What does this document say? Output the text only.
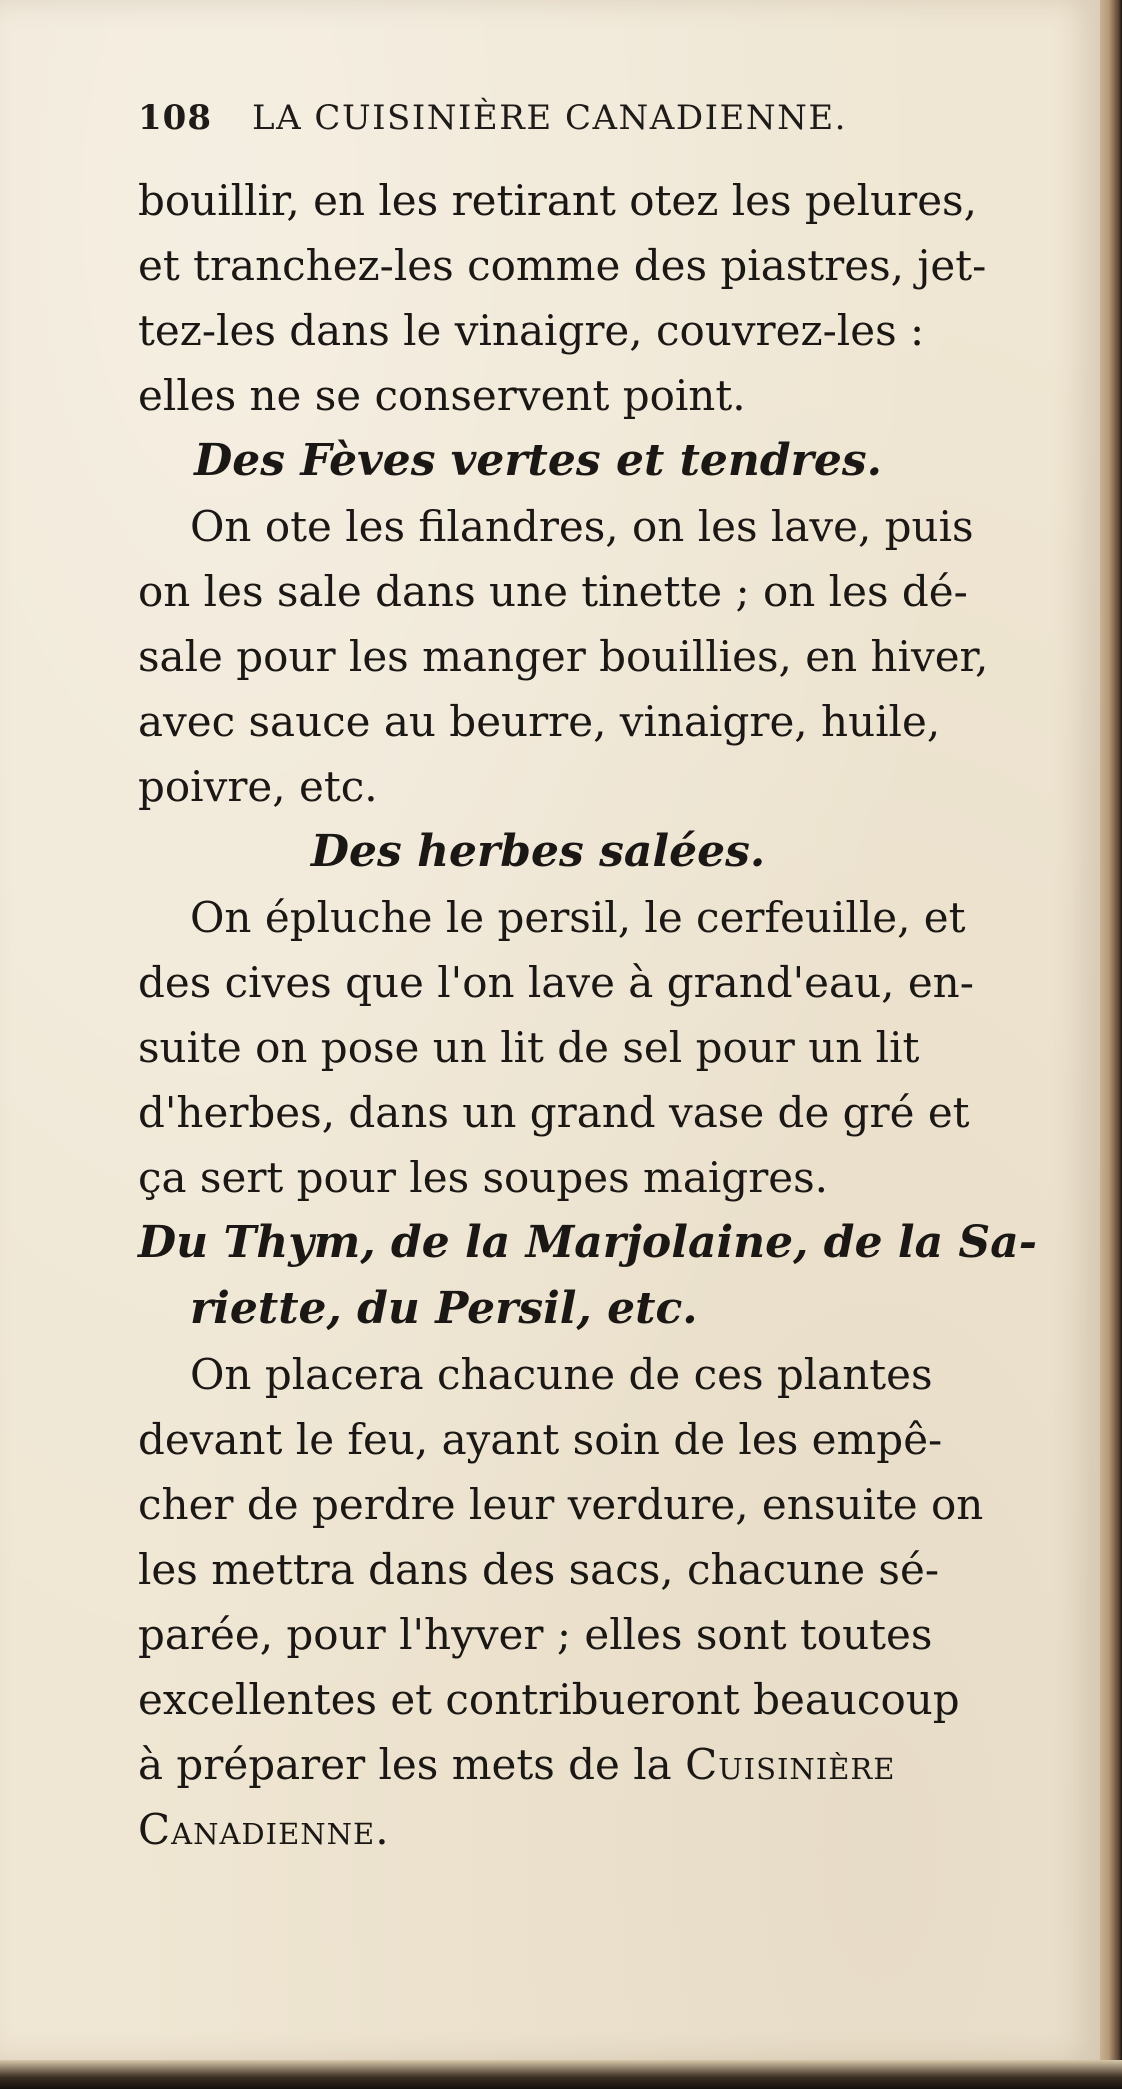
108 LA CUISINIÈRE CANADIENNE.

bouillir, en les retirant otez les pelures,
et tranchez-les comme des piastres, jet-
tez-les dans le vinaigre, couvrez-les :
elles ne se conservent point.

Des Fèves vertes et tendres.

On ote les filandres, on les lave, puis
on les sale dans une tinette ; on les dé-
sale pour les manger bouillies, en hiver,
avec sauce au beurre, vinaigre, huile,
poivre, etc.

Des herbes salées.

On épluche le persil, le cerfeuille, et
des cives que l'on lave à grand'eau, en-
suite on pose un lit de sel pour un lit
d'herbes, dans un grand vase de gré et
ça sert pour les soupes maigres.

Du Thym, de la Marjolaine, de la Sa-
riette, du Persil, etc.

On placera chacune de ces plantes
devant le feu, ayant soin de les empê-
cher de perdre leur verdure, ensuite on
les mettra dans des sacs, chacune sé-
parée, pour l'hyver ; elles sont toutes
excellentes et contribueront beaucoup
à préparer les mets de la Cuisinière
Canadienne.
